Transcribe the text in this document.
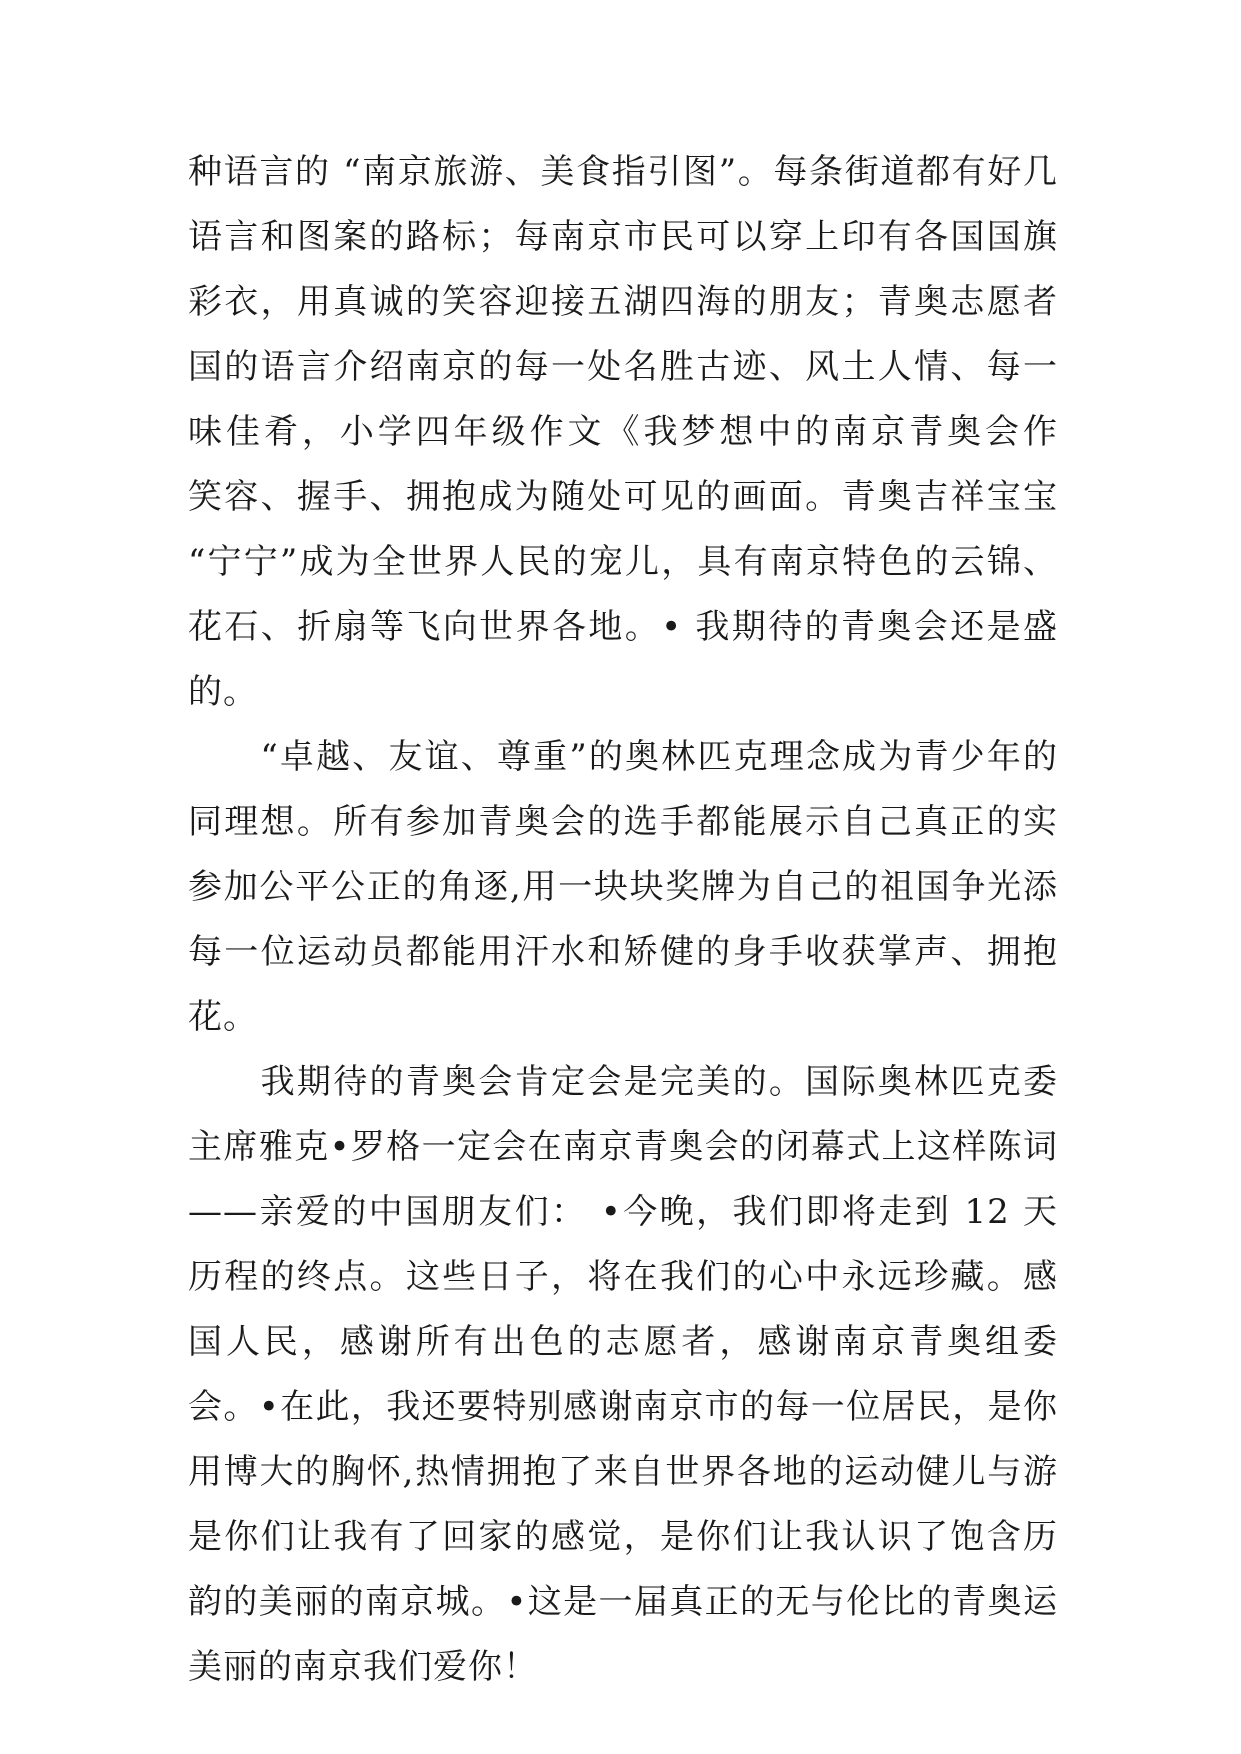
种语言的 “南京旅游、美食指引图”。每条街道都有好几
语言和图案的路标；每南京市民可以穿上印有各国国旗
彩衣，用真诚的笑容迎接五湖四海的朋友；青奥志愿者
国的语言介绍南京的每一处名胜古迹、风土人情、每一
味佳肴，小学四年级作文《我梦想中的南京青奥会作
笑容、握手、拥抱成为随处可见的画面。青奥吉祥宝宝
“宁宁”成为全世界人民的宠儿，具有南京特色的云锦、
花石、折扇等飞向世界各地。• 我期待的青奥会还是盛
的。
　　“卓越、友谊、尊重”的奥林匹克理念成为青少年的
同理想。所有参加青奥会的选手都能展示自己真正的实
参加公平公正的角逐,用一块块奖牌为自己的祖国争光添
每一位运动员都能用汗水和矫健的身手收获掌声、拥抱
花。
　　我期待的青奥会肯定会是完美的。国际奥林匹克委
主席雅克•罗格一定会在南京青奥会的闭幕式上这样陈词
——亲爱的中国朋友们： •今晚，我们即将走到 12 天
历程的终点。这些日子，将在我们的心中永远珍藏。感
国人民，感谢所有出色的志愿者，感谢南京青奥组委
会。•在此，我还要特别感谢南京市的每一位居民，是你
用博大的胸怀,热情拥抱了来自世界各地的运动健儿与游
是你们让我有了回家的感觉，是你们让我认识了饱含历
韵的美丽的南京城。•这是一届真正的无与伦比的青奥运
美丽的南京我们爱你！
